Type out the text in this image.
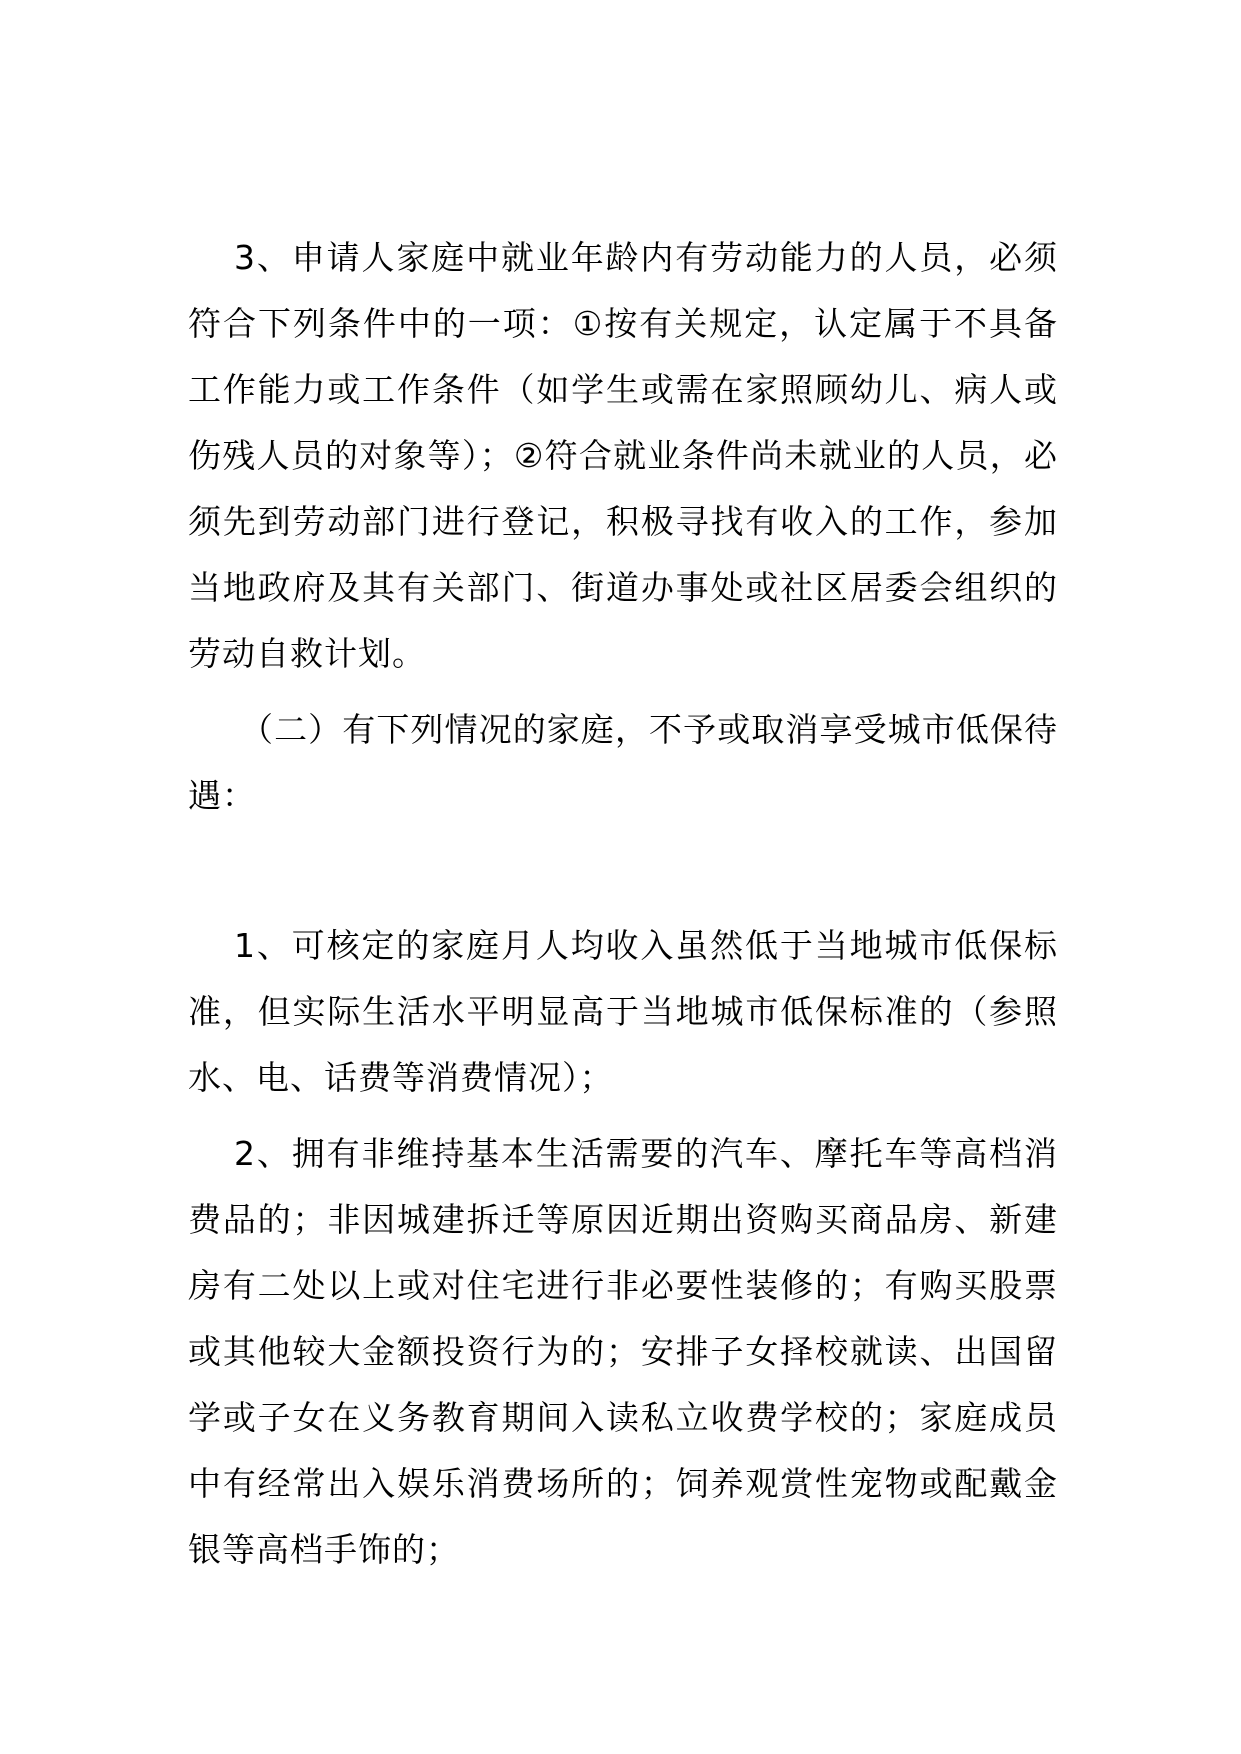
3、申请人家庭中就业年龄内有劳动能力的人员，必须符合下列条件中的一项：①按有关规定，认定属于不具备工作能力或工作条件（如学生或需在家照顾幼儿、病人或伤残人员的对象等）；②符合就业条件尚未就业的人员，必须先到劳动部门进行登记，积极寻找有收入的工作，参加当地政府及其有关部门、街道办事处或社区居委会组织的劳动自救计划。

（二）有下列情况的家庭，不予或取消享受城市低保待遇：

1、可核定的家庭月人均收入虽然低于当地城市低保标准，但实际生活水平明显高于当地城市低保标准的（参照水、电、话费等消费情况）；

2、拥有非维持基本生活需要的汽车、摩托车等高档消费品的；非因城建拆迁等原因近期出资购买商品房、新建房有二处以上或对住宅进行非必要性装修的；有购买股票或其他较大金额投资行为的；安排子女择校就读、出国留学或子女在义务教育期间入读私立收费学校的；家庭成员中有经常出入娱乐消费场所的；饲养观赏性宠物或配戴金银等高档手饰的；
